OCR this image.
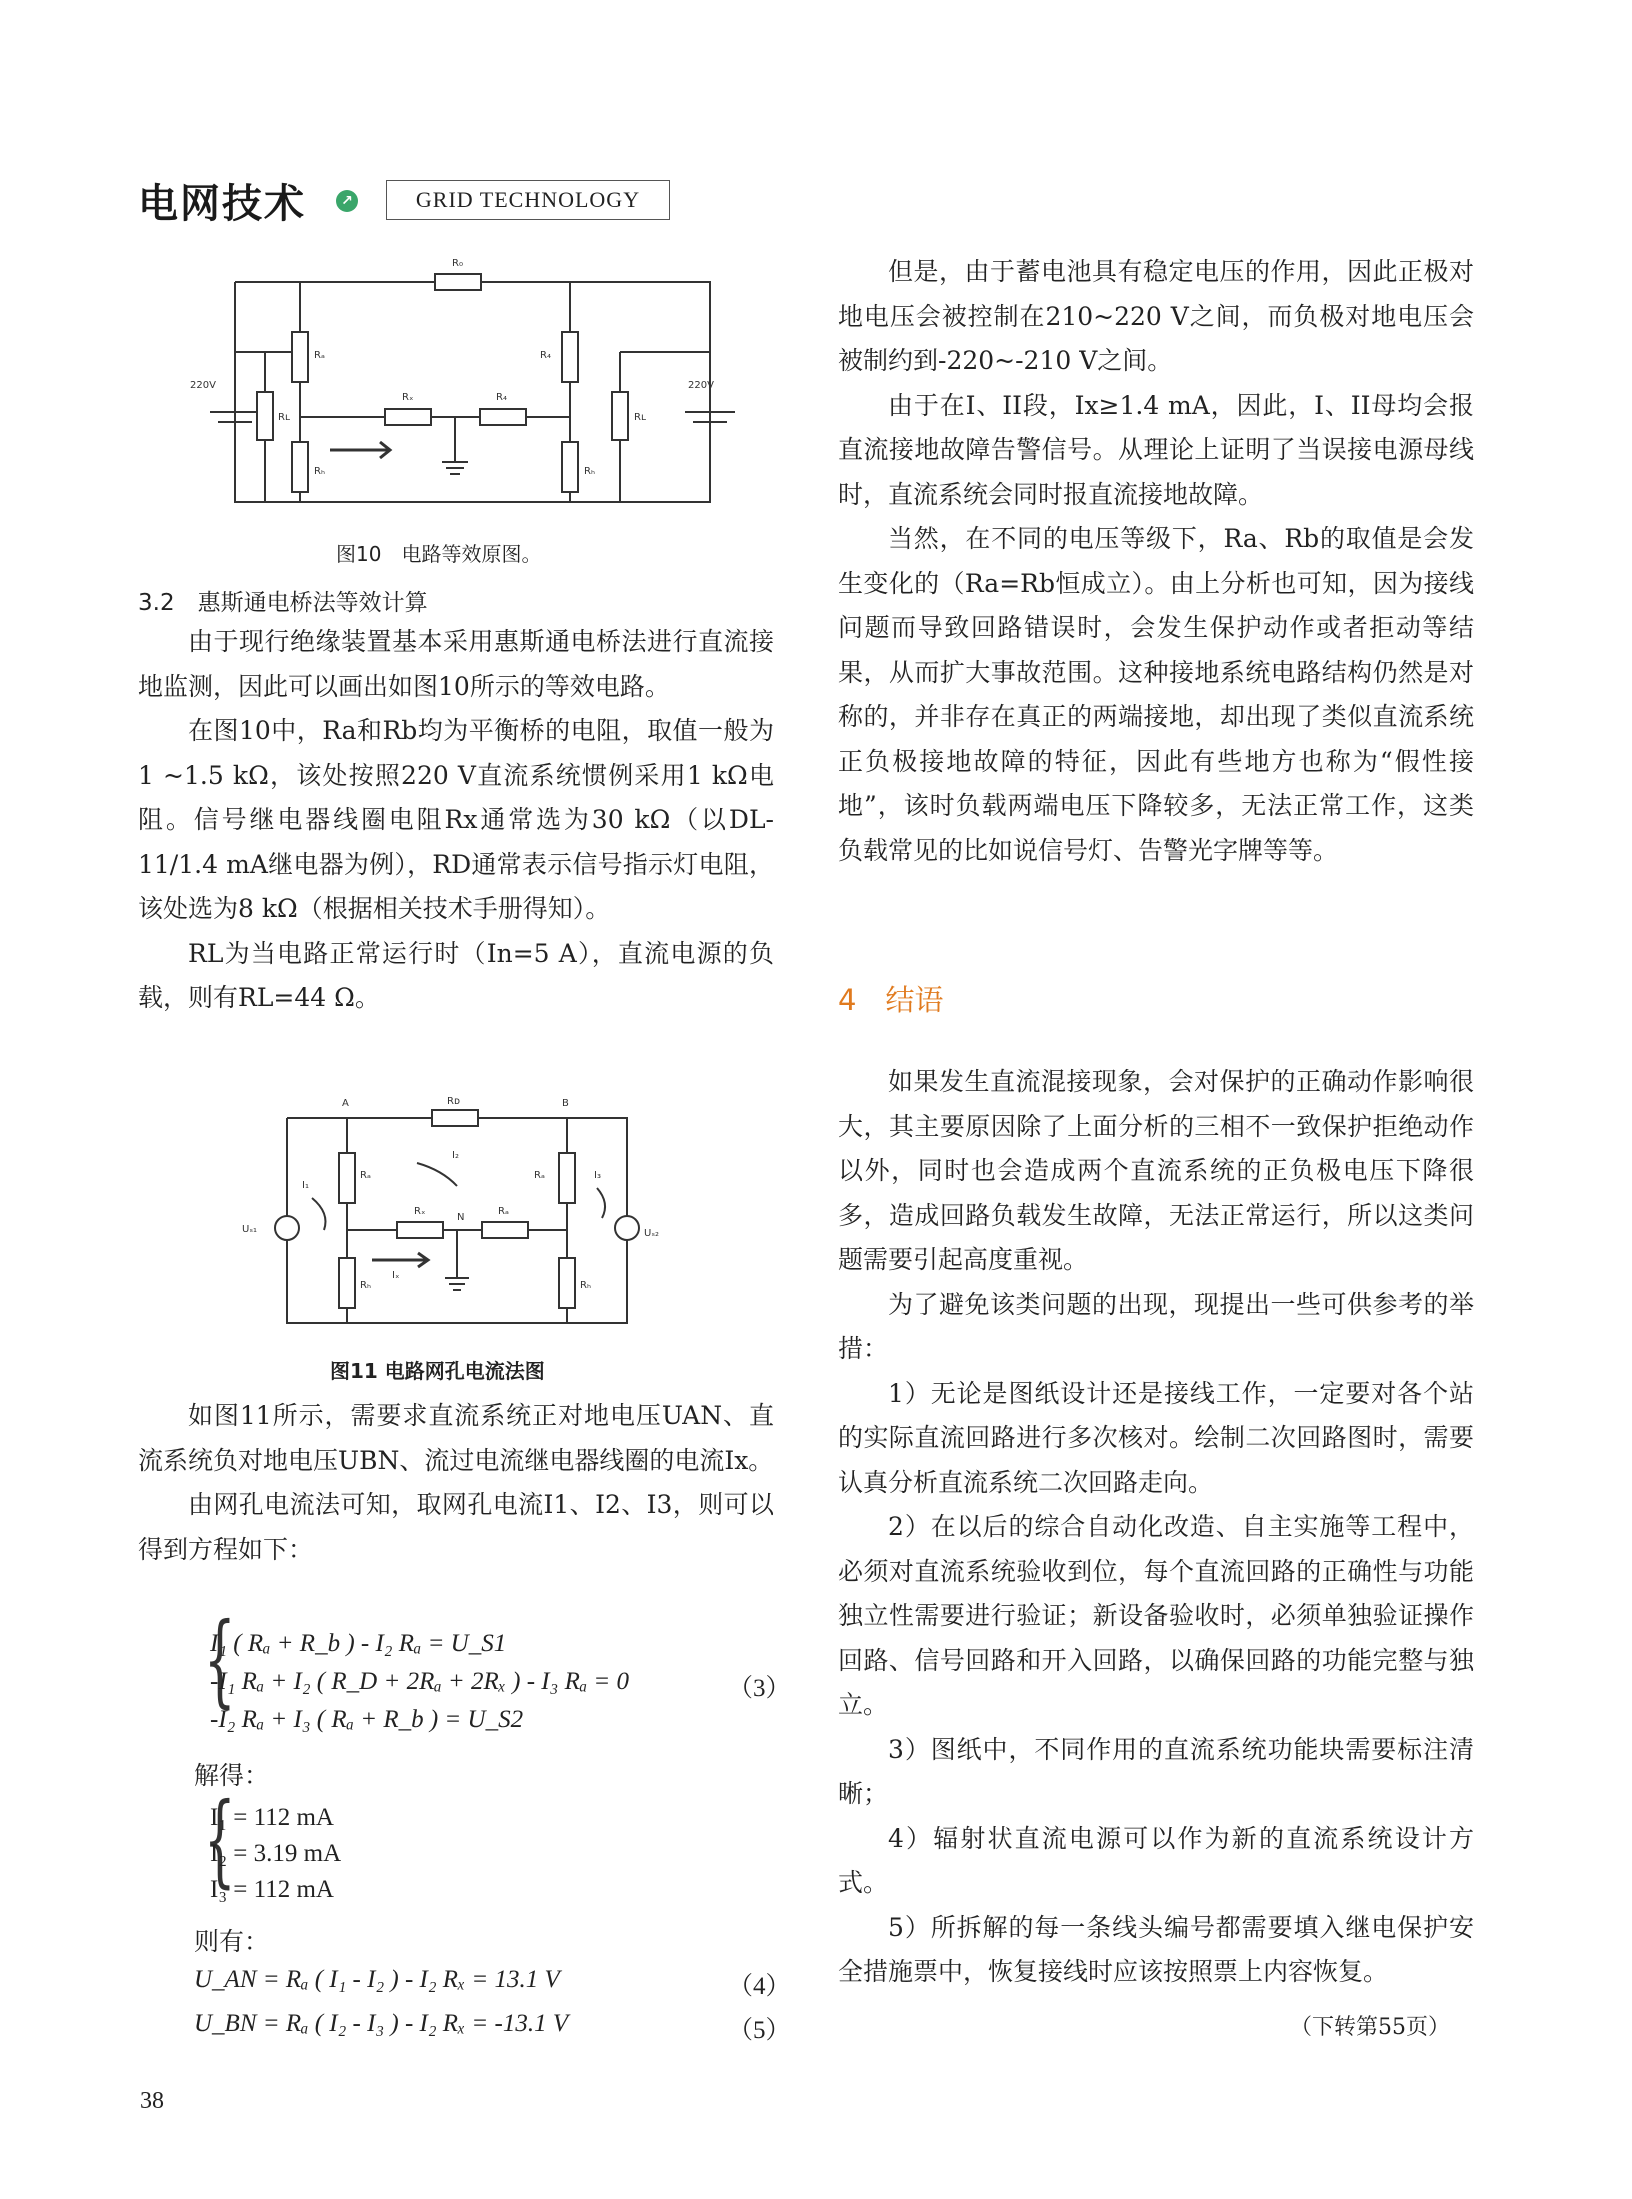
电网技术	↗	GRID TECHNOLOGY
R₀
Rₐ
Rₕ
Rₓ	R₄
R₄
Rₕ
Rʟ	Rʟ
220V	220V
图10　电路等效原图。
3.2　惠斯通电桥法等效计算

由于现行绝缘装置基本采用惠斯通电桥法进行直流接地监测，因此可以画出如图10所示的等效电路。

在图10中，Ra和Rb均为平衡桥的电阻，取值一般为1 ~1.5 kΩ，该处按照220 V直流系统惯例采用1 kΩ电阻。信号继电器线圈电阻Rx通常选为30 kΩ（以DL-11/1.4 mA继电器为例），RD通常表示信号指示灯电阻，该处选为8 kΩ（根据相关技术手册得知）。

RL为当电路正常运行时（In=5 A），直流电源的负载，则有RL=44 Ω。

A	B
N
Rᴅ
Rₐ
Rₕ
Rₐ
Rₕ
Rₓ	Rₐ
I₁
I₂
I₃
Iₓ
Uₛ₁	Uₛ₂
图11 电路网孔电流法图

如图11所示，需要求直流系统正对地电压UAN、直流系统负对地电压UBN、流过电流继电器线圈的电流Ix。

由网孔电流法可知，取网孔电流I1、I2、I3，则可以得到方程如下：

{
I₁ ( Rₐ + R_b ) - I₂ Rₐ = U_S1
-I₁ Rₐ + I₂ ( R_D + 2Rₐ + 2Rₓ ) - I₃ Rₐ = 0
-I₂ Rₐ + I₃ ( Rₐ + R_b ) = U_S2
（3）
解得：
{
I₁ = 112 mA
I₂ = 3.19 mA
I₃ = 112 mA
则有：
U_AN = Rₐ ( I₁ - I₂ ) - I₂ Rₓ = 13.1 V	（4）
U_BN = Rₐ ( I₂ - I₃ ) - I₂ Rₓ = -13.1 V	（5）

但是，由于蓄电池具有稳定电压的作用，因此正极对地电压会被控制在210~220 V之间，而负极对地电压会被制约到-220~-210 V之间。

由于在I、II段，Ix≥1.4 mA，因此，I、II母均会报直流接地故障告警信号。从理论上证明了当误接电源母线时，直流系统会同时报直流接地故障。

当然，在不同的电压等级下，Ra、Rb的取值是会发生变化的（Ra=Rb恒成立）。由上分析也可知，因为接线问题而导致回路错误时，会发生保护动作或者拒动等结果，从而扩大事故范围。这种接地系统电路结构仍然是对称的，并非存在真正的两端接地，却出现了类似直流系统正负极接地故障的特征，因此有些地方也称为“假性接地”，该时负载两端电压下降较多，无法正常工作，这类负载常见的比如说信号灯、告警光字牌等等。

4　结语

如果发生直流混接现象，会对保护的正确动作影响很大，其主要原因除了上面分析的三相不一致保护拒绝动作以外，同时也会造成两个直流系统的正负极电压下降很多，造成回路负载发生故障，无法正常运行，所以这类问题需要引起高度重视。

为了避免该类问题的出现，现提出一些可供参考的举措：

1）无论是图纸设计还是接线工作，一定要对各个站的实际直流回路进行多次核对。绘制二次回路图时，需要认真分析直流系统二次回路走向。

2）在以后的综合自动化改造、自主实施等工程中，必须对直流系统验收到位，每个直流回路的正确性与功能独立性需要进行验证；新设备验收时，必须单独验证操作回路、信号回路和开入回路，以确保回路的功能完整与独立。

3）图纸中，不同作用的直流系统功能块需要标注清晰；

4）辐射状直流电源可以作为新的直流系统设计方式。

5）所拆解的每一条线头编号都需要填入继电保护安全措施票中，恢复接线时应该按照票上内容恢复。

（下转第55页）
38
